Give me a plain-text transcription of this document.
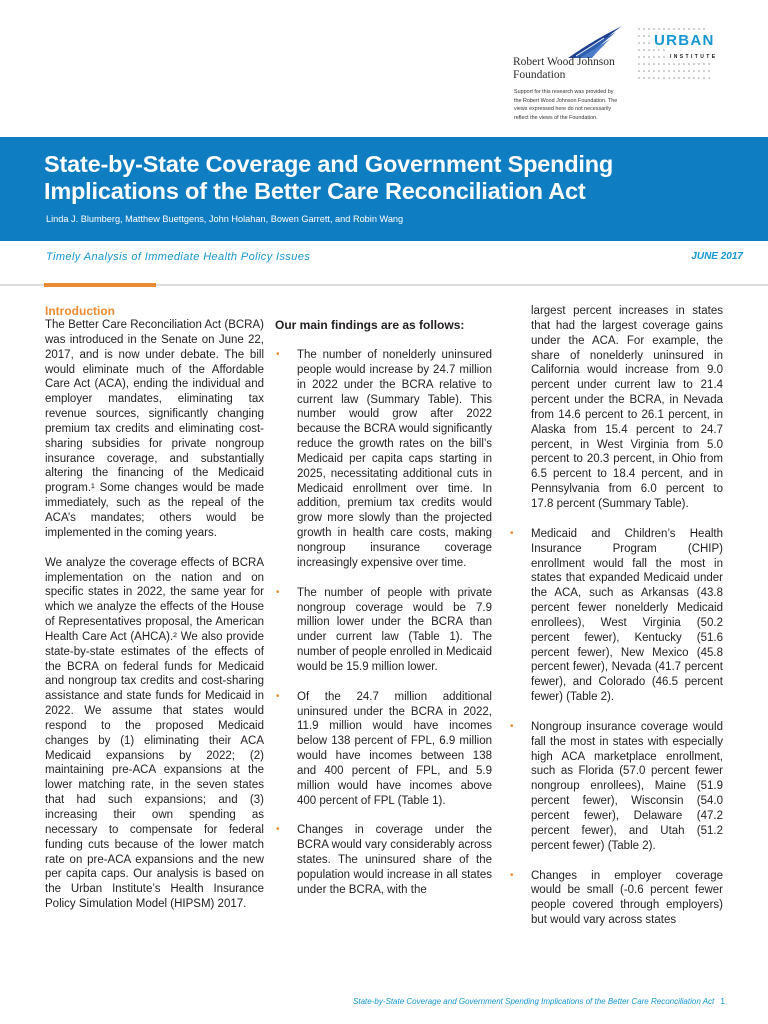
Robert Wood Johnson
Foundation
Support for this research was provided by
the Robert Wood Johnson Foundation. The
views expressed here do not necessarily
reflect the views of the Foundation.
URBAN
INSTITUTE
State-by-State Coverage and Government Spending Implications of the Better Care Reconciliation Act
Linda J. Blumberg, Matthew Buettgens, John Holahan, Bowen Garrett, and Robin Wang
Timely Analysis of Immediate Health Policy Issues	JUNE 2017
Introduction

The Better Care Reconciliation Act (BCRA) was introduced in the Senate on June 22, 2017, and is now under debate. The bill would eliminate much of the Affordable Care Act (ACA), ending the individual and employer mandates, eliminating tax revenue sources, significantly changing premium tax credits and eliminating cost-sharing subsidies for private nongroup insurance coverage, and substantially altering the financing of the Medicaid program.¹ Some changes would be made immediately, such as the repeal of the ACA’s mandates; others would be implemented in the coming years.

We analyze the coverage effects of BCRA implementation on the nation and on specific states in 2022, the same year for which we analyze the effects of the House of Representatives proposal, the American Health Care Act (AHCA).² We also provide state-by-state estimates of the effects of the BCRA on federal funds for Medicaid and nongroup tax credits and cost-sharing assistance and state funds for Medicaid in 2022. We assume that states would respond to the proposed Medicaid changes by (1) eliminating their ACA Medicaid expansions by 2022; (2) maintaining pre-ACA expansions at the lower matching rate, in the seven states that had such expansions; and (3) increasing their own spending as necessary to compensate for federal funding cuts because of the lower match rate on pre-ACA expansions and the new per capita caps. Our analysis is based on the Urban Institute’s Health Insurance Policy Simulation Model (HIPSM) 2017.

Our main findings are as follows:
• The number of nonelderly uninsured people would increase by 24.7 million in 2022 under the BCRA relative to current law (Summary Table). This number would grow after 2022 because the BCRA would significantly reduce the growth rates on the bill’s Medicaid per capita caps starting in 2025, necessitating additional cuts in Medicaid enrollment over time. In addition, premium tax credits would grow more slowly than the projected growth in health care costs, making nongroup insurance coverage increasingly expensive over time.
• The number of people with private nongroup coverage would be 7.9 million lower under the BCRA than under current law (Table 1). The number of people enrolled in Medicaid would be 15.9 million lower.
• Of the 24.7 million additional uninsured under the BCRA in 2022, 11.9 million would have incomes below 138 percent of FPL, 6.9 million would have incomes between 138 and 400 percent of FPL, and 5.9 million would have incomes above 400 percent of FPL (Table 1).
• Changes in coverage under the BCRA would vary considerably across states. The uninsured share of the population would increase in all states under the BCRA, with the

largest percent increases in states that had the largest coverage gains under the ACA. For example, the share of nonelderly uninsured in California would increase from 9.0 percent under current law to 21.4 percent under the BCRA, in Nevada from 14.6 percent to 26.1 percent, in Alaska from 15.4 percent to 24.7 percent, in West Virginia from 5.0 percent to 20.3 percent, in Ohio from 6.5 percent to 18.4 percent, and in Pennsylvania from 6.0 percent to 17.8 percent (Summary Table).

• Medicaid and Children’s Health Insurance Program (CHIP) enrollment would fall the most in states that expanded Medicaid under the ACA, such as Arkansas (43.8 percent fewer nonelderly Medicaid enrollees), West Virginia (50.2 percent fewer), Kentucky (51.6 percent fewer), New Mexico (45.8 percent fewer), Nevada (41.7 percent fewer), and Colorado (46.5 percent fewer) (Table 2).
• Nongroup insurance coverage would fall the most in states with especially high ACA marketplace enrollment, such as Florida (57.0 percent fewer nongroup enrollees), Maine (51.9 percent fewer), Wisconsin (54.0 percent fewer), Delaware (47.2 percent fewer), and Utah (51.2 percent fewer) (Table 2).
• Changes in employer coverage would be small (-0.6 percent fewer people covered through employers) but would vary across states
State-by-State Coverage and Government Spending Implications of the Better Care Reconciliation Act 1
